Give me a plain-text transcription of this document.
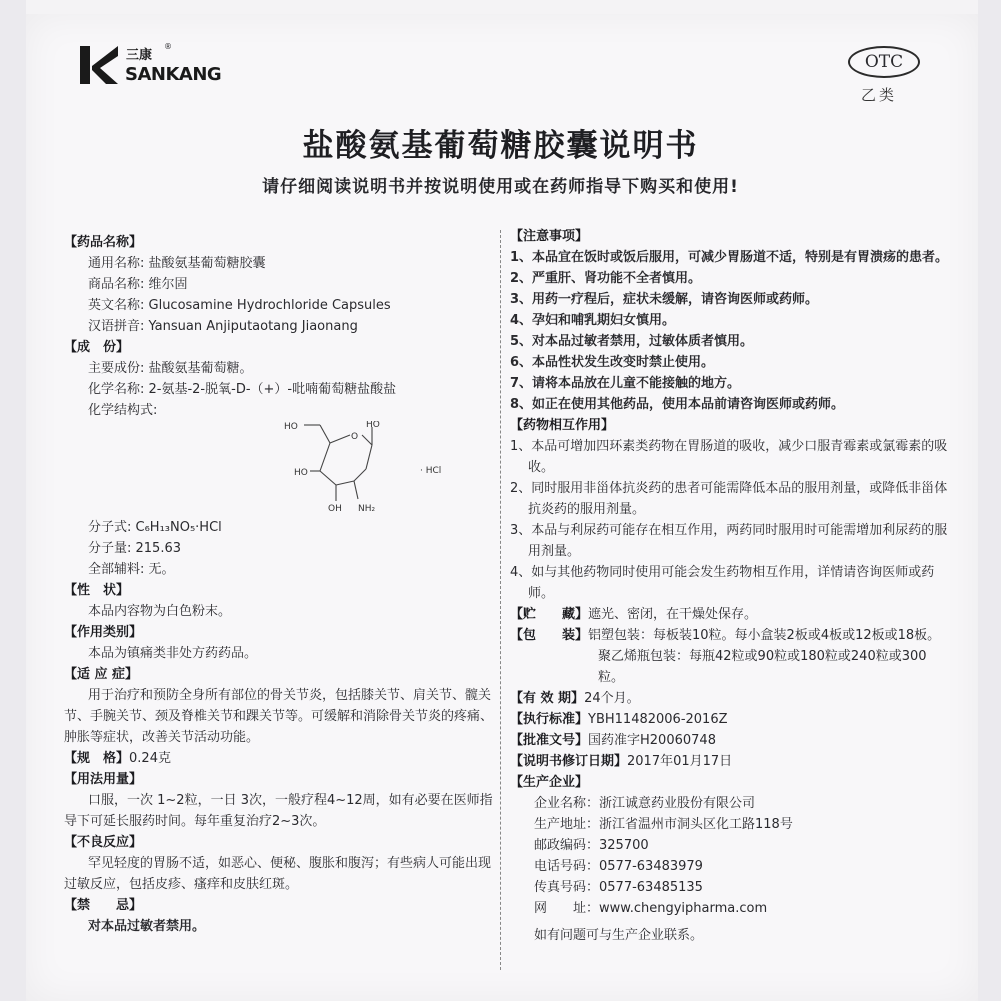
三康
®
SANKANG
OTC
乙类
盐酸氨基葡萄糖胶囊说明书
请仔细阅读说明书并按说明使用或在药师指导下购买和使用!
【药品名称】
通用名称: 盐酸氨基葡萄糖胶囊
商品名称: 维尔固
英文名称: Glucosamine Hydrochloride Capsules
汉语拼音: Yansuan Anjiputaotang Jiaonang
【成　份】
主要成份: 盐酸氨基葡萄糖。
化学名称: 2-氨基-2-脱氧-D-（+）-吡喃葡萄糖盐酸盐
化学结构式:
HO
O
HO
HO
OH NH₂
· HCl
分子式: C₆H₁₃NO₅·HCl
分子量: 215.63
全部辅料: 无。
【性　状】
本品内容物为白色粉末。
【作用类别】
本品为镇痛类非处方药药品。
【适 应 症】
用于治疗和预防全身所有部位的骨关节炎，包括膝关节、肩关节、髋关节、手腕关节、颈及脊椎关节和踝关节等。可缓解和消除骨关节炎的疼痛、肿胀等症状，改善关节活动功能。
【规　格】0.24克
【用法用量】
口服，一次 1~2粒，一日 3次，一般疗程4~12周，如有必要在医师指导下可延长服药时间。每年重复治疗2~3次。
【不良反应】
罕见轻度的胃肠不适，如恶心、便秘、腹胀和腹泻；有些病人可能出现过敏反应，包括皮疹、瘙痒和皮肤红斑。
【禁　　忌】
对本品过敏者禁用。
【注意事项】
1、本品宜在饭时或饭后服用，可减少胃肠道不适，特别是有胃溃疡的患者。
2、严重肝、肾功能不全者慎用。
3、用药一疗程后，症状未缓解，请咨询医师或药师。
4、孕妇和哺乳期妇女慎用。
5、对本品过敏者禁用，过敏体质者慎用。
6、本品性状发生改变时禁止使用。
7、请将本品放在儿童不能接触的地方。
8、如正在使用其他药品，使用本品前请咨询医师或药师。
【药物相互作用】
1、本品可增加四环素类药物在胃肠道的吸收，减少口服青霉素或氯霉素的吸收。
2、同时服用非甾体抗炎药的患者可能需降低本品的服用剂量，或降低非甾体抗炎药的服用剂量。
3、本品与利尿药可能存在相互作用，两药同时服用时可能需增加利尿药的服用剂量。
4、如与其他药物同时使用可能会发生药物相互作用，详情请咨询医师或药师。
【贮　　藏】遮光、密闭，在干燥处保存。
【包　　装】 铝塑包装：每板装10粒。每小盒装2板或4板或12板或18板。
聚乙烯瓶包装：每瓶42粒或90粒或180粒或240粒或300粒。
【有 效 期】24个月。
【执行标准】YBH11482006-2016Z
【批准文号】国药准字H20060748
【说明书修订日期】2017年01月17日
【生产企业】
企业名称：浙江诚意药业股份有限公司
生产地址：浙江省温州市洞头区化工路118号
邮政编码：325700
电话号码：0577-63483979
传真号码：0577-63485135
网　　址：www.chengyipharma.com
如有问题可与生产企业联系。
